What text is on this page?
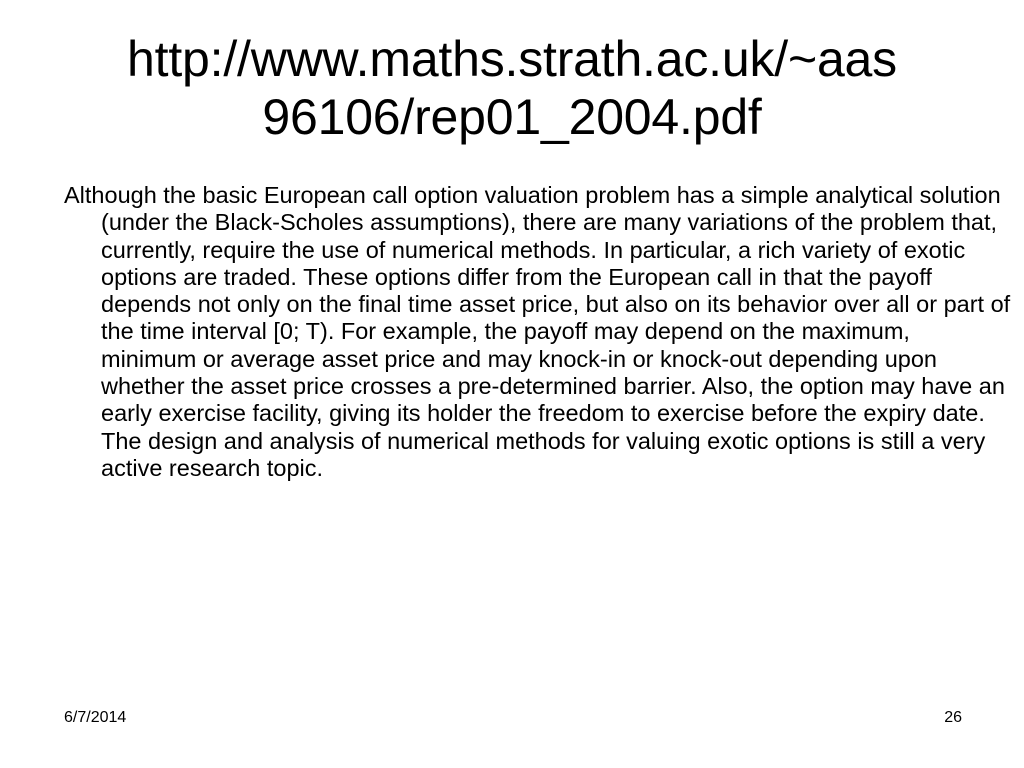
http://www.maths.strath.ac.uk/~aas
96106/rep01_2004.pdf

Although the basic European call option valuation problem has a simple analytical solution (under the Black-Scholes assumptions), there are many variations of the problem that, currently, require the use of numerical methods. In particular, a rich variety of exotic options are traded. These options differ from the European call in that the payoff depends not only on the final time asset price, but also on its behavior over all or part of the time interval [0; T). For example, the payoff may depend on the maximum, minimum or average asset price and may knock-in or knock-out depending upon whether the asset price crosses a pre-determined barrier. Also, the option may have an early exercise facility, giving its holder the freedom to exercise before the expiry date. The design and analysis of numerical methods for valuing exotic options is still a very active research topic.

6/7/2014	26
